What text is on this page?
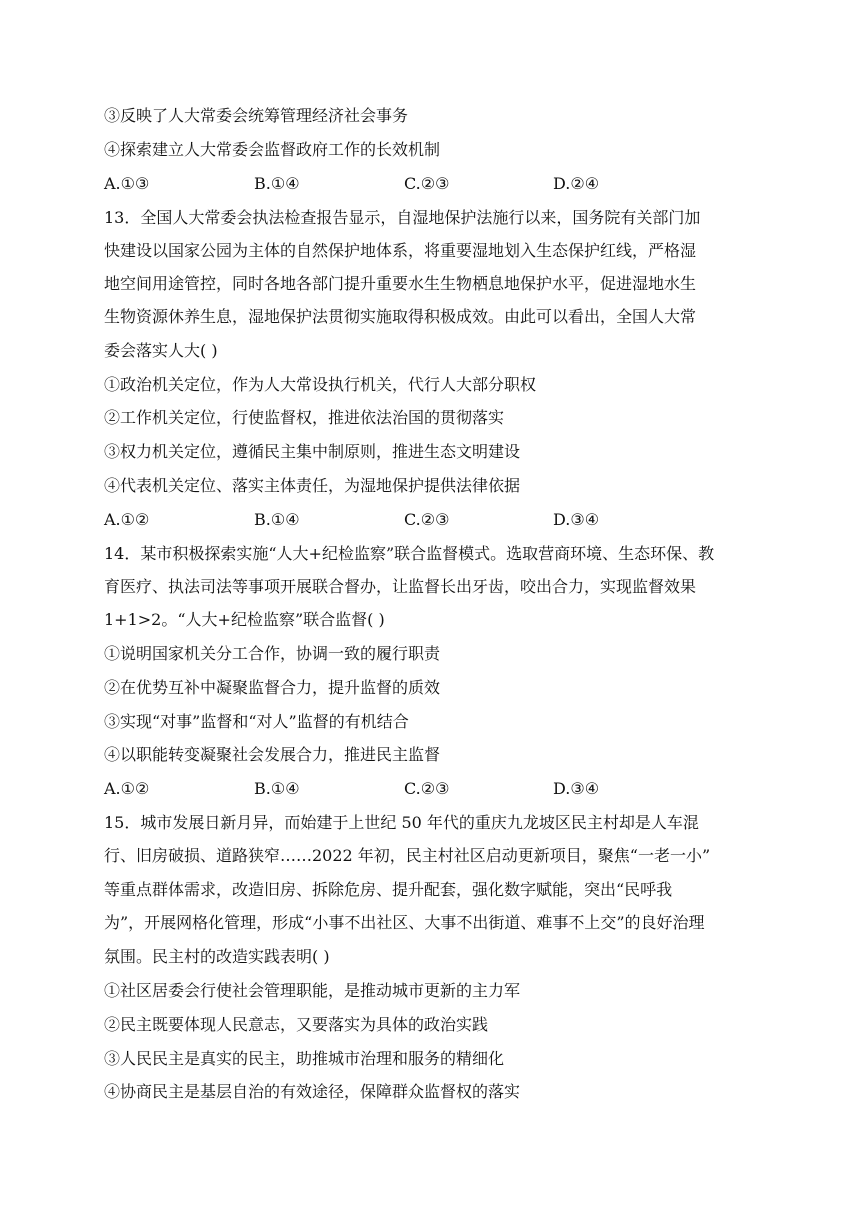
③反映了人大常委会统筹管理经济社会事务
④探索建立人大常委会监督政府工作的长效机制
A.①③	B.①④	C.②③	D.②④
13．全国人大常委会执法检查报告显示，自湿地保护法施行以来，国务院有关部门加
快建设以国家公园为主体的自然保护地体系，将重要湿地划入生态保护红线，严格湿
地空间用途管控，同时各地各部门提升重要水生生物栖息地保护水平，促进湿地水生
生物资源休养生息，湿地保护法贯彻实施取得积极成效。由此可以看出，全国人大常
委会落实人大( )
①政治机关定位，作为人大常设执行机关，代行人大部分职权
②工作机关定位，行使监督权，推进依法治国的贯彻落实
③权力机关定位，遵循民主集中制原则，推进生态文明建设
④代表机关定位、落实主体责任，为湿地保护提供法律依据
A.①②	B.①④	C.②③	D.③④
14．某市积极探索实施“人大+纪检监察”联合监督模式。选取营商环境、生态环保、教
育医疗、执法司法等事项开展联合督办，让监督长出牙齿，咬出合力，实现监督效果
1+1>2。“人大+纪检监察”联合监督( )
①说明国家机关分工合作，协调一致的履行职责
②在优势互补中凝聚监督合力，提升监督的质效
③实现“对事”监督和“对人”监督的有机结合
④以职能转变凝聚社会发展合力，推进民主监督
A.①②	B.①④	C.②③	D.③④
15．城市发展日新月异，而始建于上世纪 50 年代的重庆九龙坡区民主村却是人车混
行、旧房破损、道路狭窄……2022 年初，民主村社区启动更新项目，聚焦“一老一小”
等重点群体需求，改造旧房、拆除危房、提升配套，强化数字赋能，突出“民呼我
为”，开展网格化管理，形成“小事不出社区、大事不出街道、难事不上交”的良好治理
氛围。民主村的改造实践表明( )
①社区居委会行使社会管理职能，是推动城市更新的主力军
②民主既要体现人民意志，又要落实为具体的政治实践
③人民民主是真实的民主，助推城市治理和服务的精细化
④协商民主是基层自治的有效途径，保障群众监督权的落实
